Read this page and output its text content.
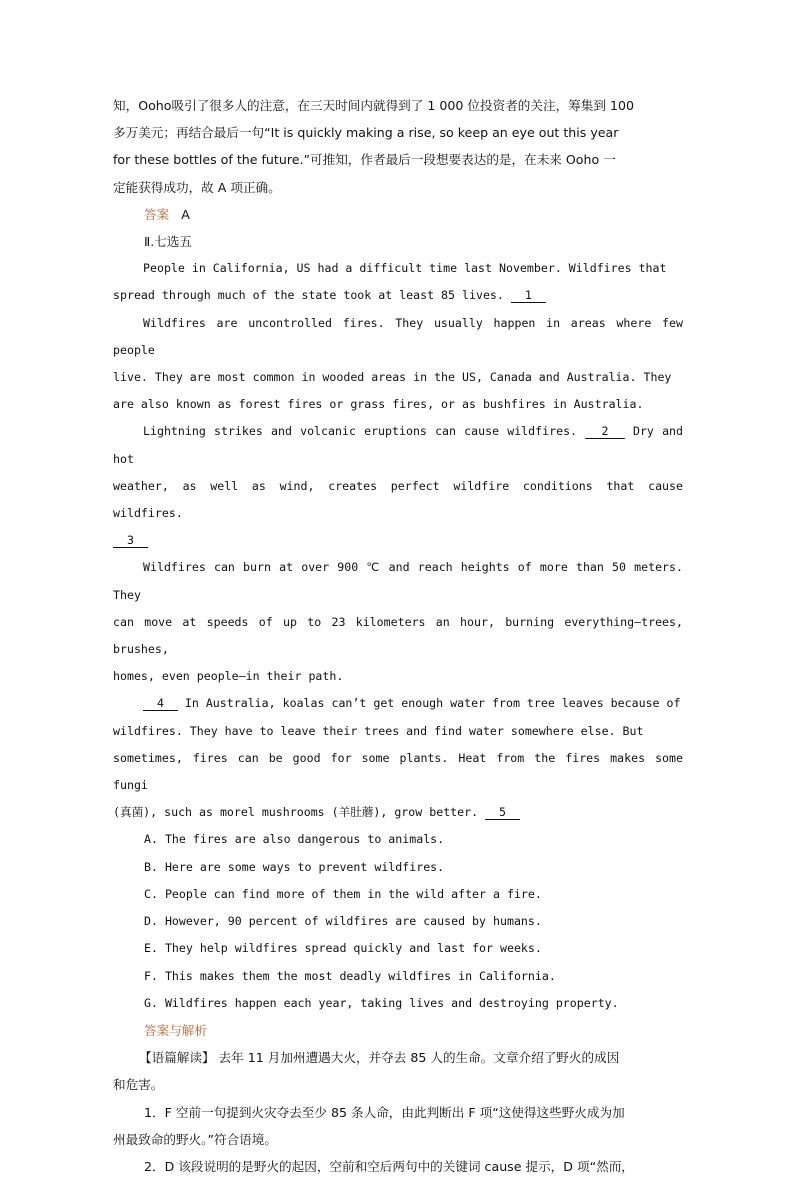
知，Ooho吸引了很多人的注意，在三天时间内就得到了 1 000 位投资者的关注，筹集到 100

多万美元；再结合最后一句“It is quickly making a rise, so keep an eye out this year

for these bottles of the future.”可推知，作者最后一段想要表达的是，在未来 Ooho 一

定能获得成功，故 A 项正确。

答案 A

Ⅱ.七选五

People in California, US had a difficult time last November. Wildfires that

spread through much of the state took at least 85 lives.   1

Wildfires are uncontrolled fires. They usually happen in areas where few people

live. They are most common in wooded areas in the US, Canada and Australia. They

are also known as forest fires or grass fires, or as bushfires in Australia.

Lightning strikes and volcanic eruptions can cause wildfires.   2   Dry and hot

weather, as well as wind, creates perfect wildfire conditions that cause wildfires.

3

Wildfires can burn at over 900 ℃ and reach heights of more than 50 meters. They

can move at speeds of up to 23 kilometers an hour, burning everything—trees, brushes,

homes, even people—in their path.

4   In Australia, koalas can’t get enough water from tree leaves because of

wildfires. They have to leave their trees and find water somewhere else. But

sometimes, fires can be good for some plants. Heat from the fires makes some fungi

(真菌), such as morel mushrooms (羊肚蘑), grow better.   5

A. The fires are also dangerous to animals.

B. Here are some ways to prevent wildfires.

C. People can find more of them in the wild after a fire.

D. However, 90 percent of wildfires are caused by humans.

E. They help wildfires spread quickly and last for weeks.

F. This makes them the most deadly wildfires in California.

G. Wildfires happen each year, taking lives and destroying property.

答案与解析

【语篇解读】 去年 11 月加州遭遇大火，并夺去 85 人的生命。文章介绍了野火的成因

和危害。

1．F 空前一句提到火灾夺去至少 85 条人命，由此判断出 F 项“这使得这些野火成为加

州最致命的野火。”符合语境。

2．D 该段说明的是野火的起因，空前和空后两句中的关键词 cause 提示，D 项“然而，
